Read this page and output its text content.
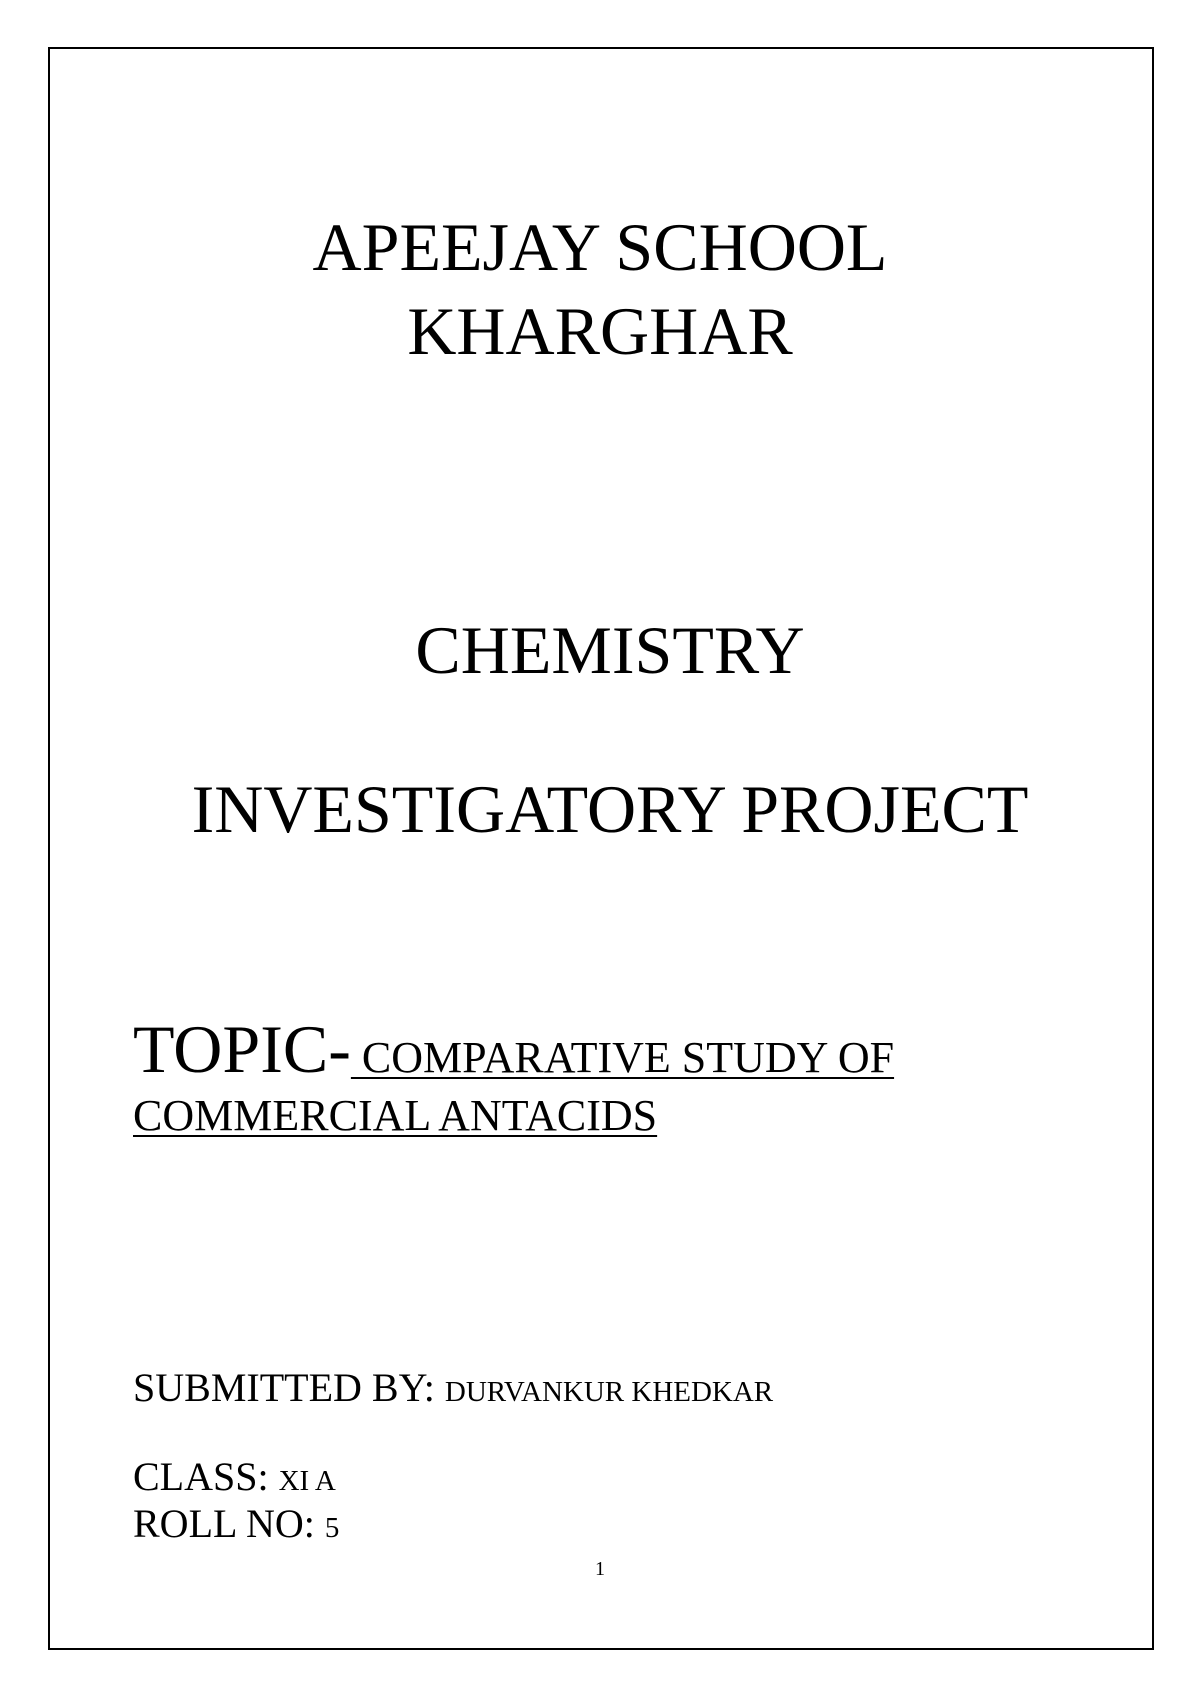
APEEJAY SCHOOL
KHARGHAR
CHEMISTRY
INVESTIGATORY PROJECT
TOPIC- COMPARATIVE STUDY OF COMMERCIAL ANTACIDS
SUBMITTED BY: DURVANKUR KHEDKAR
CLASS: XI A
ROLL NO: 5
1
